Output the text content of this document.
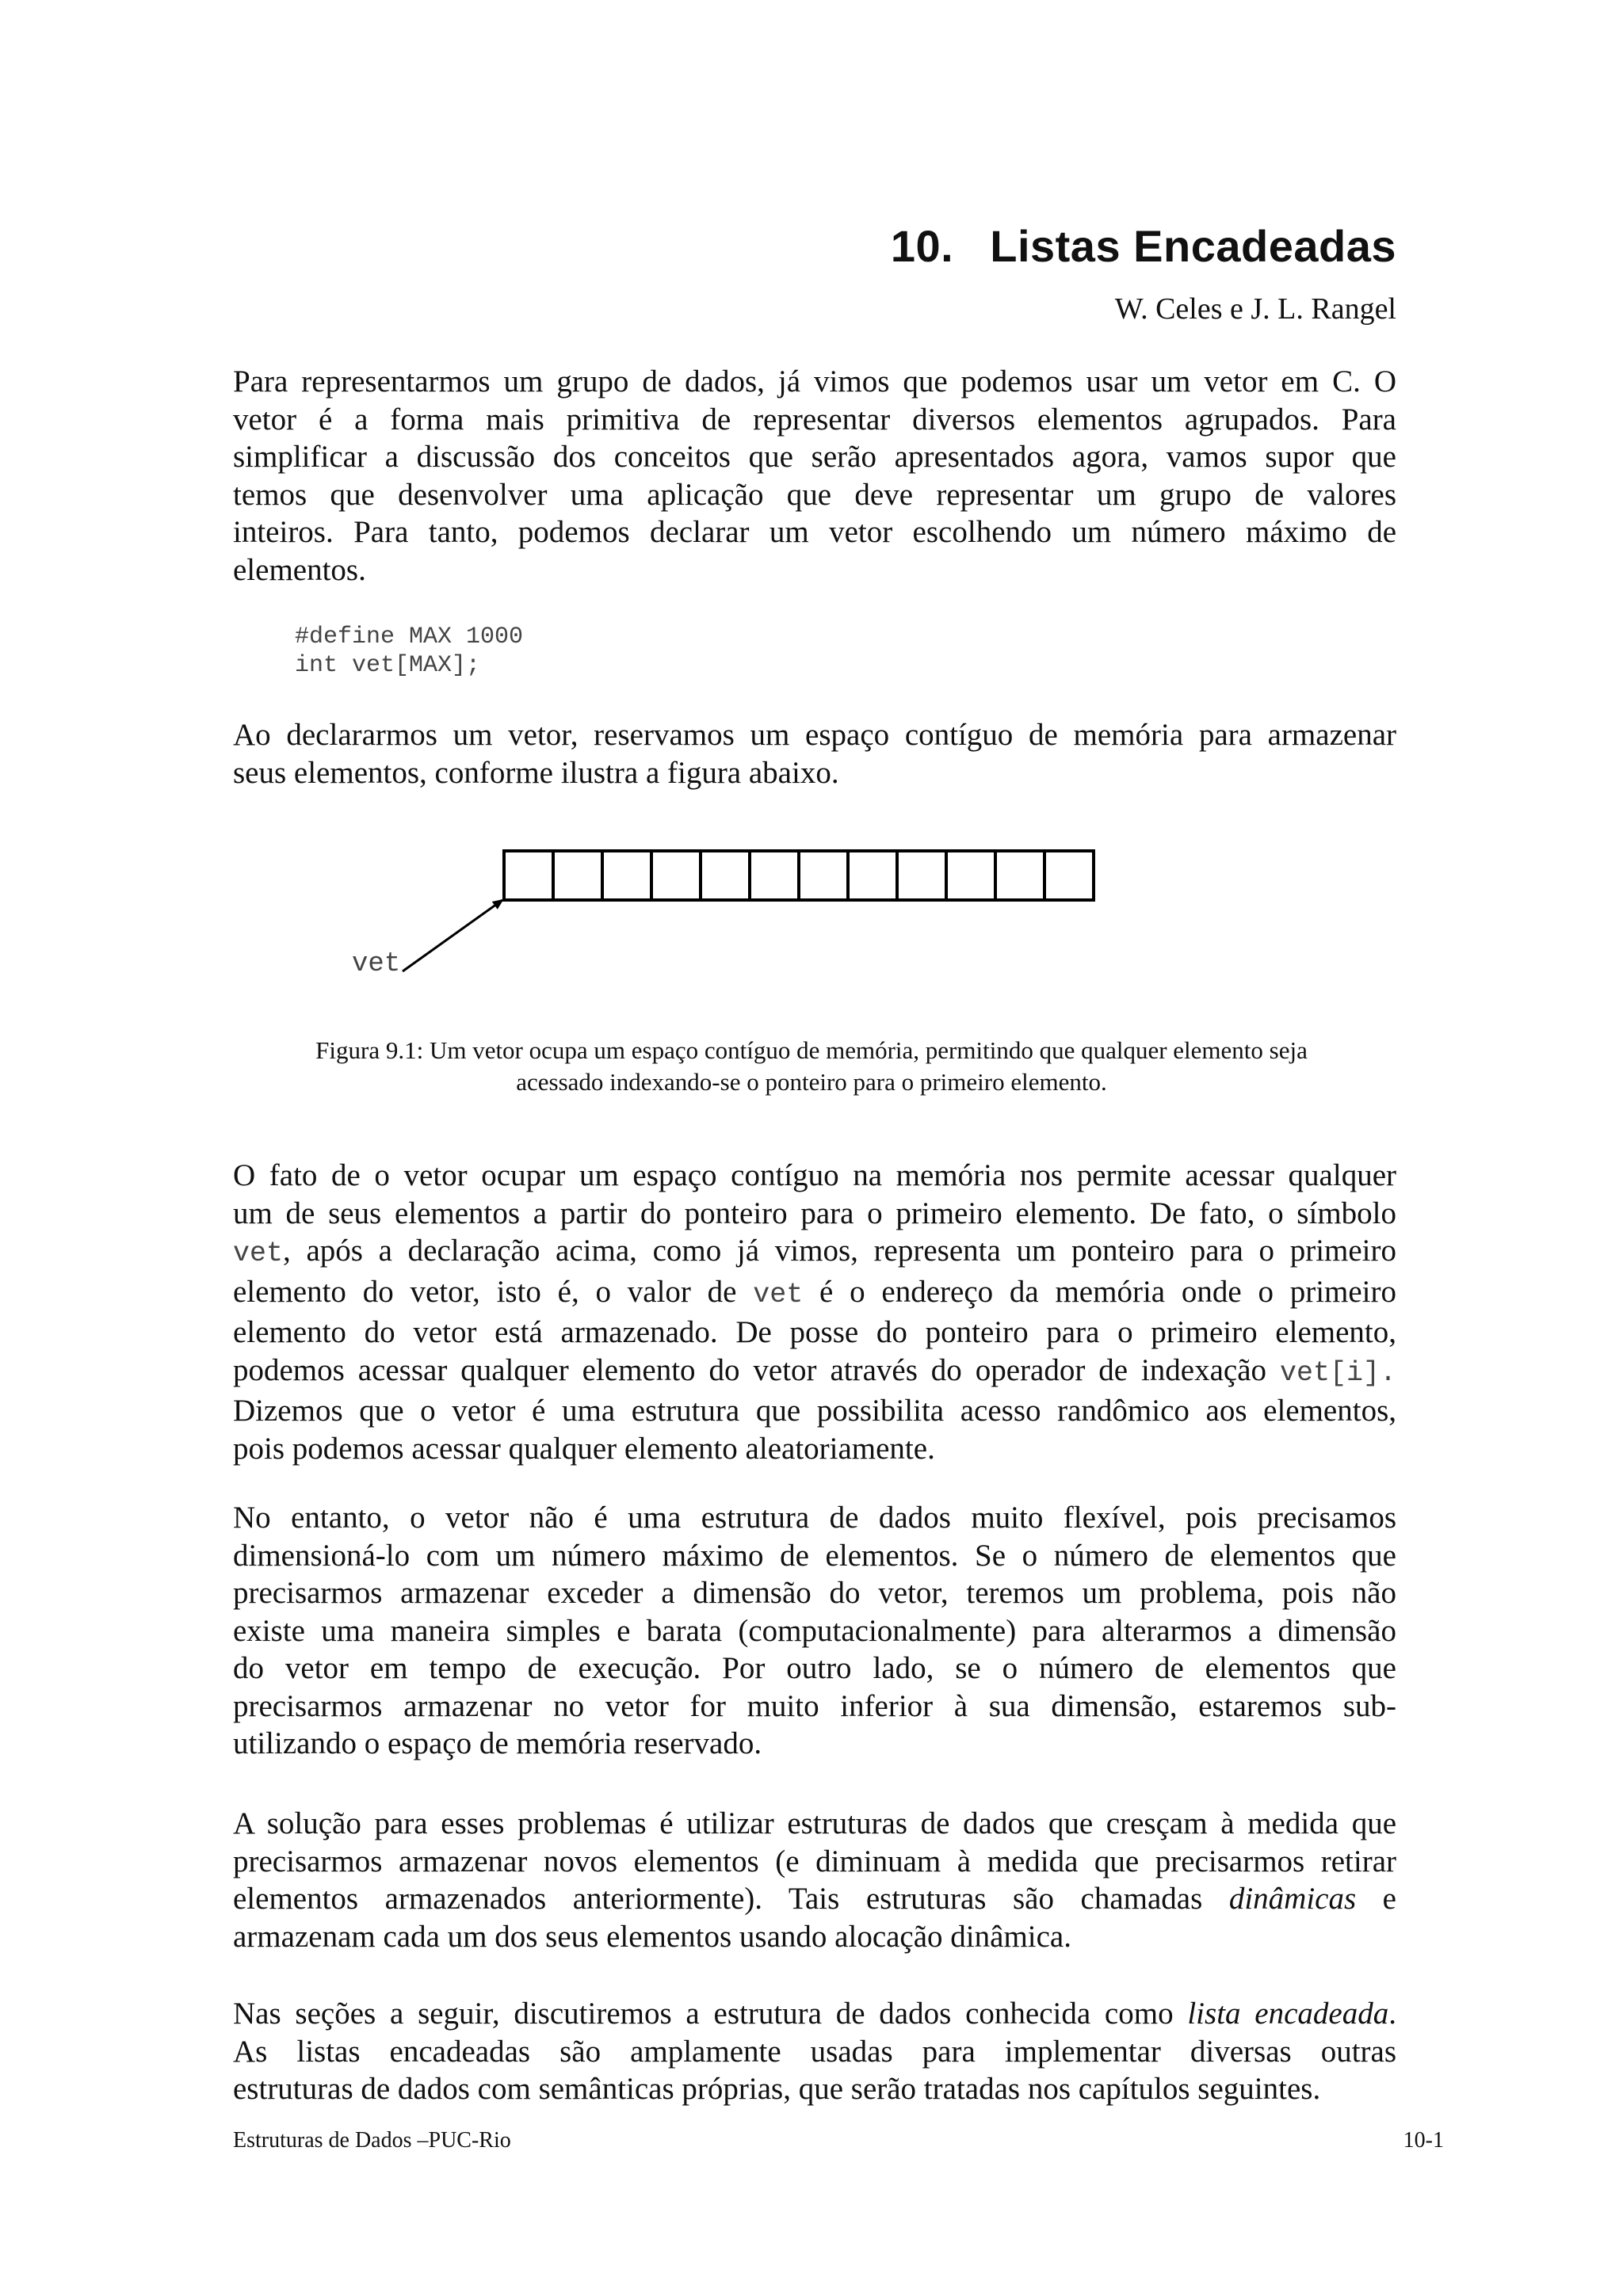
10. Listas Encadeadas
W. Celes e J. L. Rangel

Para representarmos um grupo de dados, já vimos que podemos usar um vetor em C. O
vetor é a forma mais primitiva de representar diversos elementos agrupados. Para
simplificar a discussão dos conceitos que serão apresentados agora, vamos supor que
temos que desenvolver uma aplicação que deve representar um grupo de valores
inteiros. Para tanto, podemos declarar um vetor escolhendo um número máximo de
elementos.

#define MAX 1000
int vet[MAX];

Ao declararmos um vetor, reservamos um espaço contíguo de memória para armazenar
seus elementos, conforme ilustra a figura abaixo.

vet

Figura 9.1: Um vetor ocupa um espaço contíguo de memória, permitindo que qualquer elemento seja
acessado indexando-se o ponteiro para o primeiro elemento.

O fato de o vetor ocupar um espaço contíguo na memória nos permite acessar qualquer
um de seus elementos a partir do ponteiro para o primeiro elemento. De fato, o símbolo
vet, após a declaração acima, como já vimos, representa um ponteiro para o primeiro
elemento do vetor, isto é, o valor de vet é o endereço da memória onde o primeiro
elemento do vetor está armazenado. De posse do ponteiro para o primeiro elemento,
podemos acessar qualquer elemento do vetor através do operador de indexação vet[i].
Dizemos que o vetor é uma estrutura que possibilita acesso randômico aos elementos,
pois podemos acessar qualquer elemento aleatoriamente.

No entanto, o vetor não é uma estrutura de dados muito flexível, pois precisamos
dimensioná-lo com um número máximo de elementos. Se o número de elementos que
precisarmos armazenar exceder a dimensão do vetor, teremos um problema, pois não
existe uma maneira simples e barata (computacionalmente) para alterarmos a dimensão
do vetor em tempo de execução. Por outro lado, se o número de elementos que
precisarmos armazenar no vetor for muito inferior à sua dimensão, estaremos sub-
utilizando o espaço de memória reservado.

A solução para esses problemas é utilizar estruturas de dados que cresçam à medida que
precisarmos armazenar novos elementos (e diminuam à medida que precisarmos retirar
elementos armazenados anteriormente). Tais estruturas são chamadas dinâmicas e
armazenam cada um dos seus elementos usando alocação dinâmica.

Nas seções a seguir, discutiremos a estrutura de dados conhecida como lista encadeada.
As listas encadeadas são amplamente usadas para implementar diversas outras
estruturas de dados com semânticas próprias, que serão tratadas nos capítulos seguintes.

Estruturas de Dados –PUC-Rio	10-1
